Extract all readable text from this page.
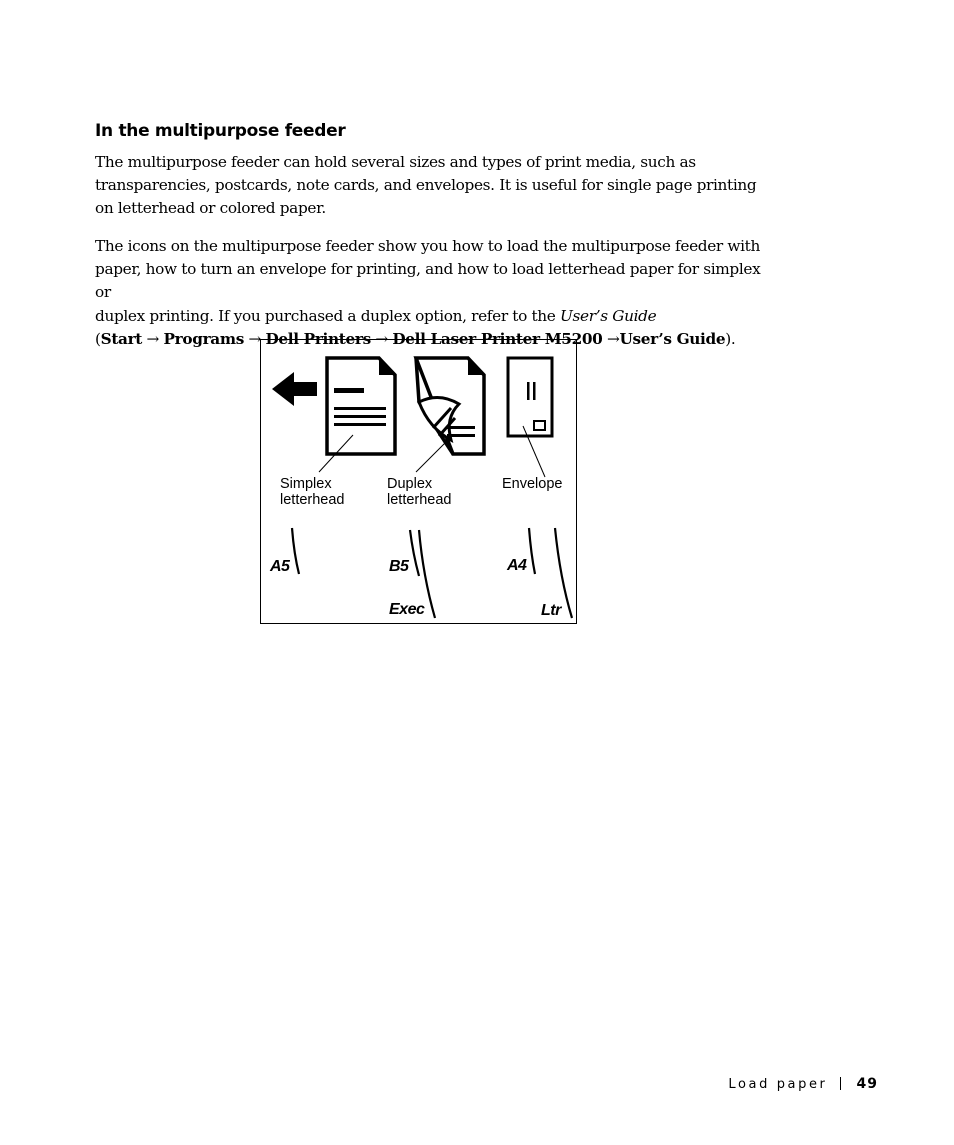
In the multipurpose feeder

The multipurpose feeder can hold several sizes and types of print media, such as transparencies, postcards, note cards, and envelopes. It is useful for single page printing on letterhead or colored paper.

The icons on the multipurpose feeder show you how to load the multipurpose feeder with
paper, how to turn an envelope for printing, and how to load letterhead paper for simplex or
duplex printing. If you purchased a duplex option, refer to the User’s Guide
(Start → Programs → Dell Printers → Dell Laser Printer M5200 →User’s Guide).

Simplex
letterhead
Duplex
letterhead
Envelope
A5	B5	A4
Exec	Ltr
Load paper 49
